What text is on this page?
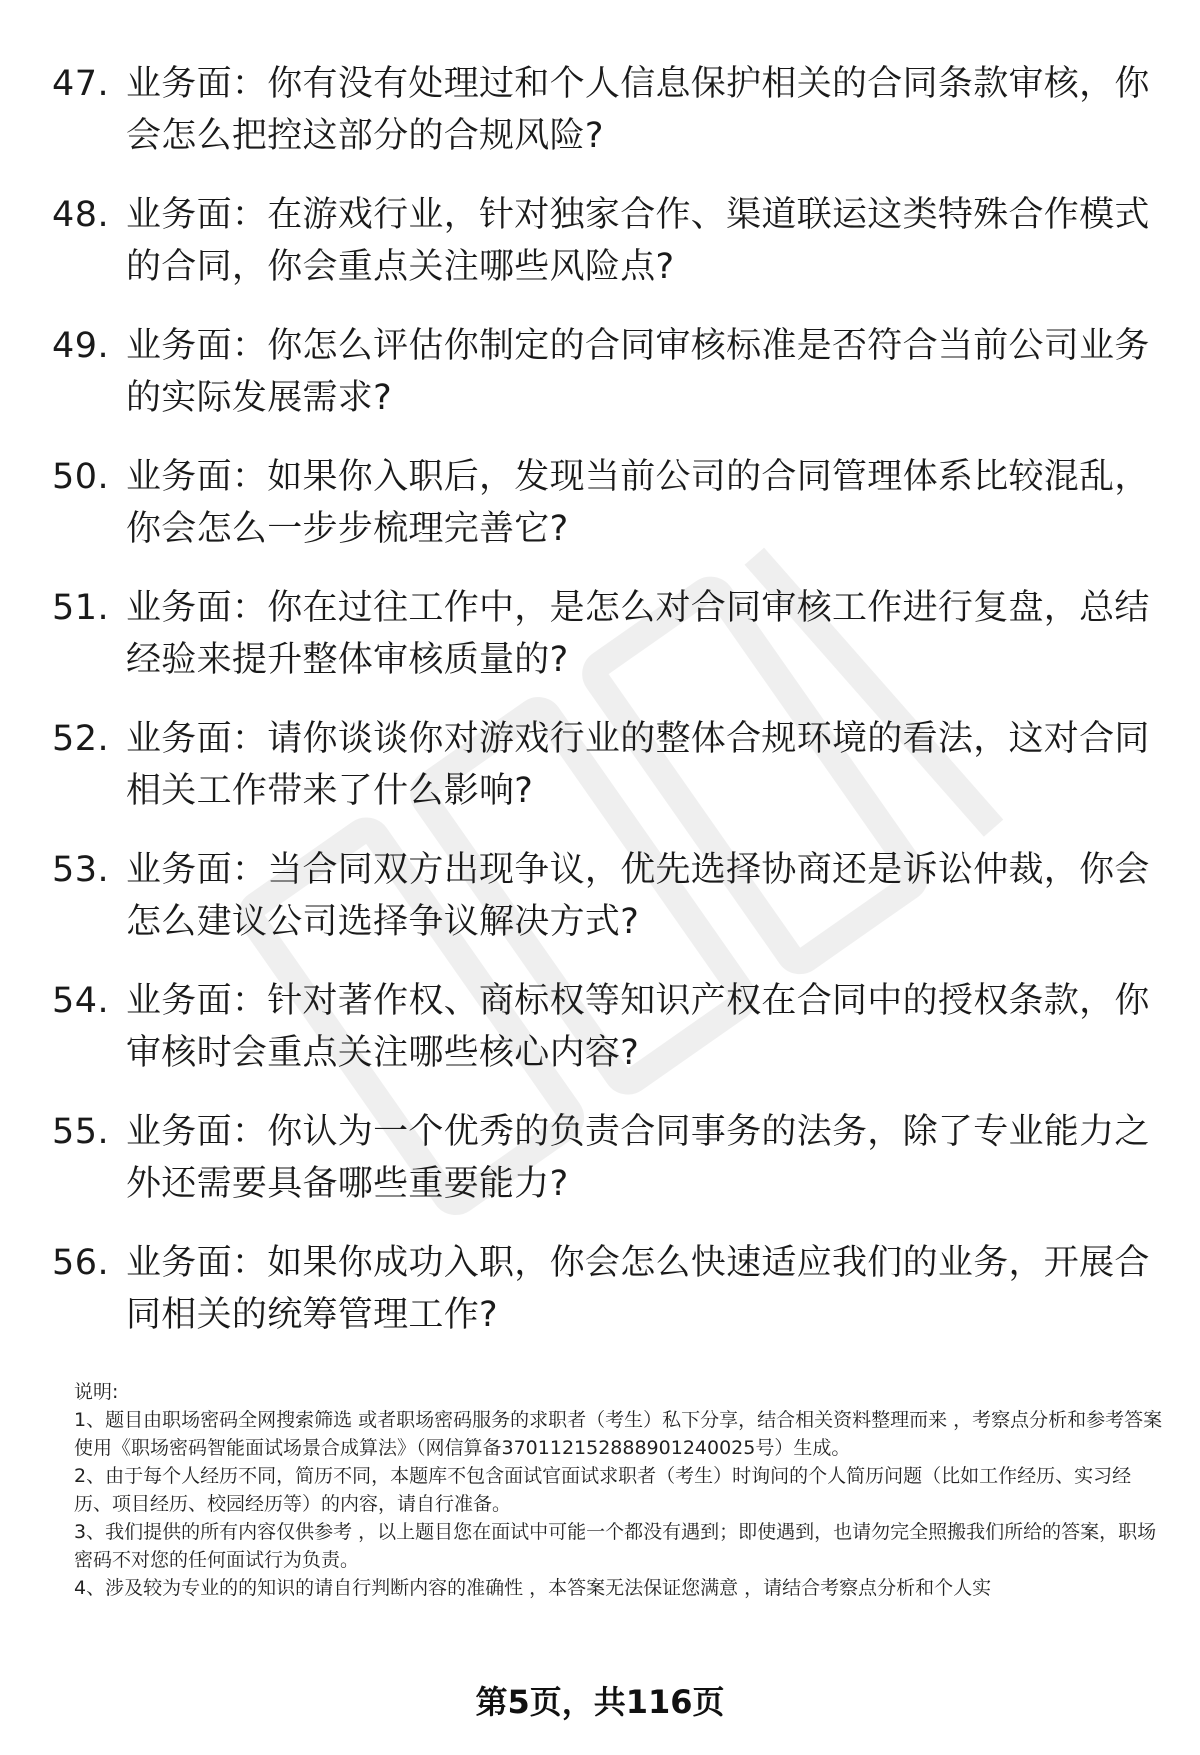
47. 业务面：你有没有处理过和个人信息保护相关的合同条款审核，你会怎么把控这部分的合规风险?
48. 业务面：在游戏行业，针对独家合作、渠道联运这类特殊合作模式的合同，你会重点关注哪些风险点?
49. 业务面：你怎么评估你制定的合同审核标准是否符合当前公司业务的实际发展需求?
50. 业务面：如果你入职后，发现当前公司的合同管理体系比较混乱，你会怎么一步步梳理完善它?
51. 业务面：你在过往工作中，是怎么对合同审核工作进行复盘，总结经验来提升整体审核质量的?
52. 业务面：请你谈谈你对游戏行业的整体合规环境的看法，这对合同相关工作带来了什么影响?
53. 业务面：当合同双方出现争议，优先选择协商还是诉讼仲裁，你会怎么建议公司选择争议解决方式?
54. 业务面：针对著作权、商标权等知识产权在合同中的授权条款，你审核时会重点关注哪些核心内容?
55. 业务面：你认为一个优秀的负责合同事务的法务，除了专业能力之外还需要具备哪些重要能力?
56. 业务面：如果你成功入职，你会怎么快速适应我们的业务，开展合同相关的统筹管理工作?

说明:

1、题目由职场密码全网搜索筛选 或者职场密码服务的求职者（考生）私下分享，结合相关资料整理而来 ，考察点分析和参考答案使用《职场密码智能面试场景合成算法》（网信算备370112152888901240025号）生成。

2、由于每个人经历不同，简历不同，本题库不包含面试官面试求职者（考生）时询问的个人简历问题（比如工作经历、实习经历、项目经历、校园经历等）的内容，请自行准备。

3、我们提供的所有内容仅供参考 ，以上题目您在面试中可能一个都没有遇到；即使遇到，也请勿完全照搬我们所给的答案，职场密码不对您的任何面试行为负责。

4、涉及较为专业的的知识的请自行判断内容的准确性 ，本答案无法保证您满意 ，请结合考察点分析和个人实

第5页，共116页
